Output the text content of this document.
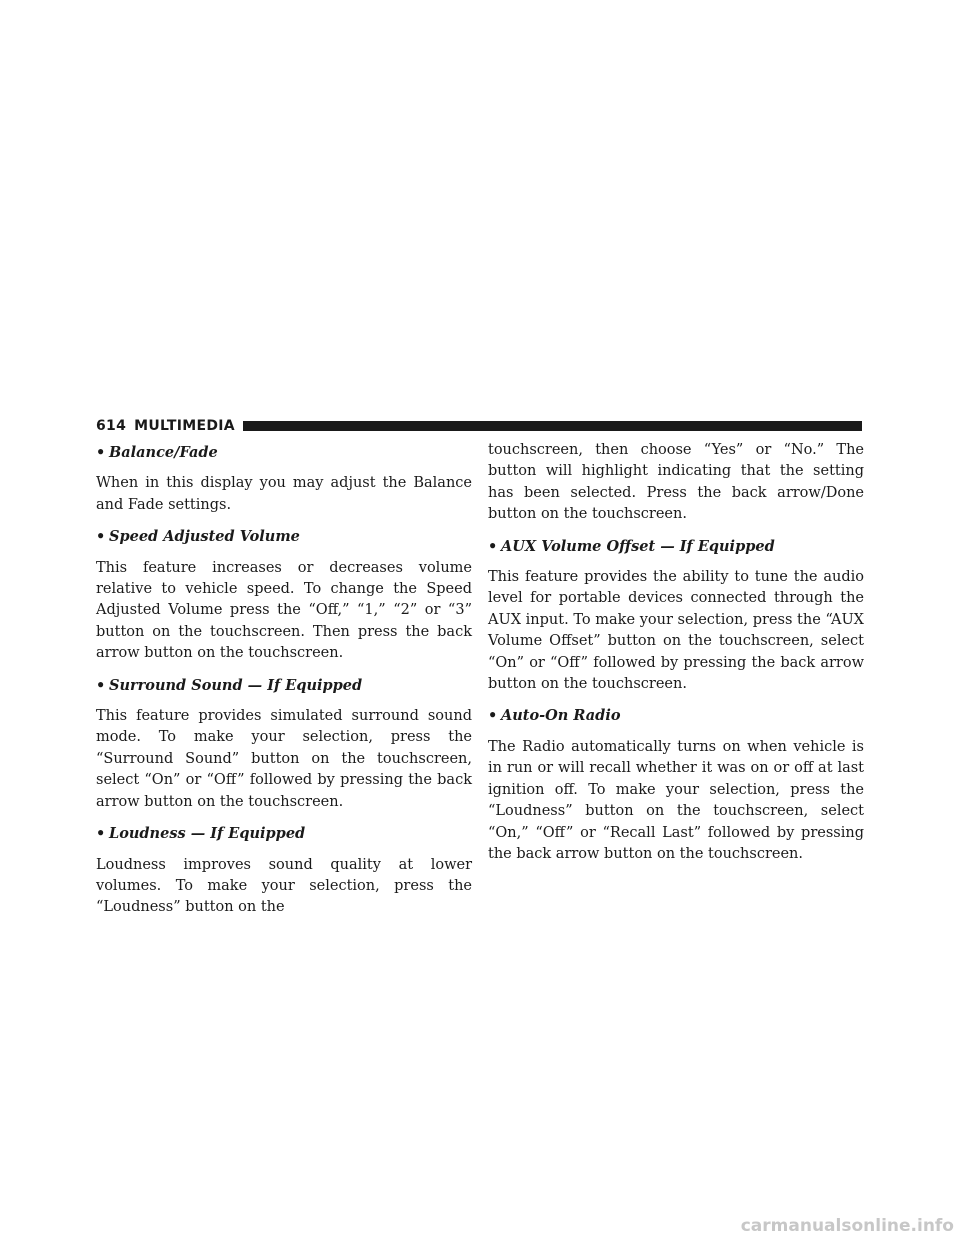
614 MULTIMEDIA
• Balance/Fade

When in this display you may adjust the Balance and Fade settings.

• Speed Adjusted Volume

This feature increases or decreases volume relative to vehicle speed. To change the Speed Adjusted Volume press the “Off,” “1,” “2” or “3” button on the touchscreen. Then press the back arrow button on the touchscreen.

• Surround Sound — If Equipped

This feature provides simulated surround sound mode. To make your selection, press the “Surround Sound” button on the touchscreen, select “On” or “Off” followed by pressing the back arrow button on the touchscreen.

• Loudness — If Equipped

Loudness improves sound quality at lower volumes. To make your selection, press the “Loudness” button on the

touchscreen, then choose “Yes” or “No.” The button will highlight indicating that the setting has been selected. Press the back arrow/Done button on the touchscreen.

• AUX Volume Offset — If Equipped

This feature provides the ability to tune the audio level for portable devices connected through the AUX input. To make your selection, press the “AUX Volume Offset” button on the touchscreen, select “On” or “Off” followed by pressing the back arrow button on the touchscreen.

• Auto-On Radio

The Radio automatically turns on when vehicle is in run or will recall whether it was on or off at last ignition off. To make your selection, press the “Loudness” button on the touchscreen, select “On,” “Off” or “Recall Last” followed by pressing the back arrow button on the touchscreen.

carmanualsonline.info
